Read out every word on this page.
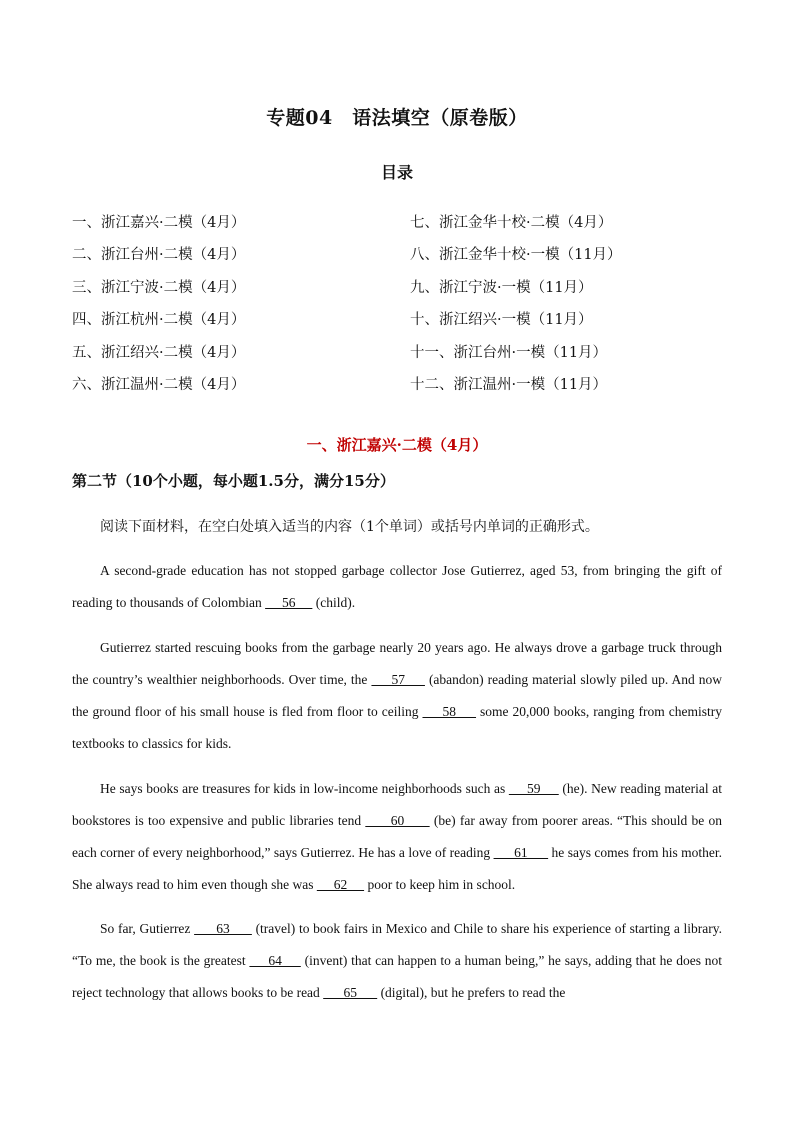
专题04　语法填空（原卷版）
目录
一、浙江嘉兴·二模（4月）
二、浙江台州·二模（4月）
三、浙江宁波·二模（4月）
四、浙江杭州·二模（4月）
五、浙江绍兴·二模（4月）
六、浙江温州·二模（4月）
七、浙江金华十校·二模（4月）
八、浙江金华十校·一模（11月）
九、浙江宁波·一模（11月）
十、浙江绍兴·一模（11月）
十一、浙江台州·一模（11月）
十二、浙江温州·一模（11月）
一、浙江嘉兴·二模（4月）
第二节（10个小题，每小题1.5分，满分15分）
阅读下面材料，在空白处填入适当的内容（1个单词）或括号内单词的正确形式。

A second-grade education has not stopped garbage collector Jose Gutierrez, aged 53, from bringing the gift of reading to thousands of Colombian      56      (child).

Gutierrez started rescuing books from the garbage nearly 20 years ago. He always drove a garbage truck through the country’s wealthier neighborhoods. Over time, the      57      (abandon) reading material slowly piled up. And now the ground floor of his small house is fled from floor to ceiling      58      some 20,000 books, ranging from chemistry textbooks to classics for kids.

He says books are treasures for kids in low-income neighborhoods such as      59      (he). New reading material at bookstores is too expensive and public libraries tend       60       (be) far away from poorer areas. “This should be on each corner of every neighborhood,” says Gutierrez. He has a love of reading       61       he says comes from his mother. She always read to him even though she was      62      poor to keep him in school.

So far, Gutierrez       63       (travel) to book fairs in Mexico and Chile to share his experience of starting a library. “To me, the book is the greatest      64      (invent) that can happen to a human being,” he says, adding that he does not reject technology that allows books to be read       65       (digital), but he prefers to read the
